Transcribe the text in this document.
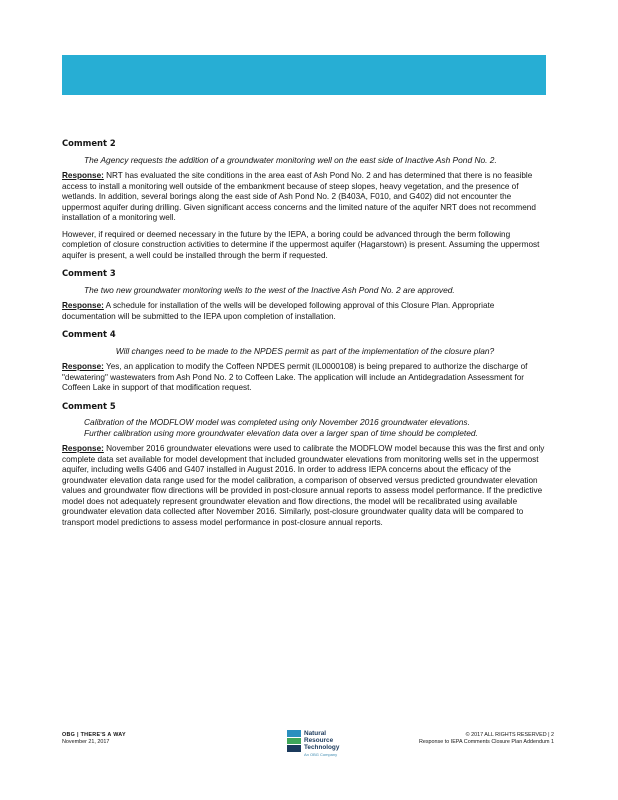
Comment 2

The Agency requests the addition of a groundwater monitoring well on the east side of Inactive Ash Pond No. 2.

Response: NRT has evaluated the site conditions in the area east of Ash Pond No. 2 and has determined that there is no feasible access to install a monitoring well outside of the embankment because of steep slopes, heavy vegetation, and the presence of wetlands. In addition, several borings along the east side of Ash Pond No. 2 (B403A, F010, and G402) did not encounter the uppermost aquifer during drilling. Given significant access concerns and the limited nature of the aquifer NRT does not recommend installation of a monitoring well.

However, if required or deemed necessary in the future by the IEPA, a boring could be advanced through the berm following completion of closure construction activities to determine if the uppermost aquifer (Hagarstown) is present. Assuming the uppermost aquifer is present, a well could be installed through the berm if requested.

Comment 3

The two new groundwater monitoring wells to the west of the Inactive Ash Pond No. 2 are approved.

Response: A schedule for installation of the wells will be developed following approval of this Closure Plan. Appropriate documentation will be submitted to the IEPA upon completion of installation.

Comment 4

Will changes need to be made to the NPDES permit as part of the implementation of the closure plan?

Response: Yes, an application to modify the Coffeen NPDES permit (IL0000108) is being prepared to authorize the discharge of "dewatering" wastewaters from Ash Pond No. 2 to Coffeen Lake. The application will include an Antidegradation Assessment for Coffeen Lake in support of that modification request.

Comment 5

Calibration of the MODFLOW model was completed using only November 2016 groundwater elevations.
Further calibration using more groundwater elevation data over a larger span of time should be completed.

Response: November 2016 groundwater elevations were used to calibrate the MODFLOW model because this was the first and only complete data set available for model development that included groundwater elevations from monitoring wells set in the uppermost aquifer, including wells G406 and G407 installed in August 2016. In order to address IEPA concerns about the efficacy of the groundwater elevation data range used for the model calibration, a comparison of observed versus predicted groundwater elevation values and groundwater flow directions will be provided in post-closure annual reports to assess model performance. If the predictive model does not adequately represent groundwater elevation and flow directions, the model will be recalibrated using available groundwater elevation data collected after November 2016. Similarly, post-closure groundwater quality data will be compared to transport model predictions to assess model performance in post-closure annual reports.

OBG | THERE'S A WAY
November 21, 2017
Natural
Resource
Technology
An OBG Company
© 2017 ALL RIGHTS RESERVED | 2
Response to IEPA Comments Closure Plan Addendum 1
